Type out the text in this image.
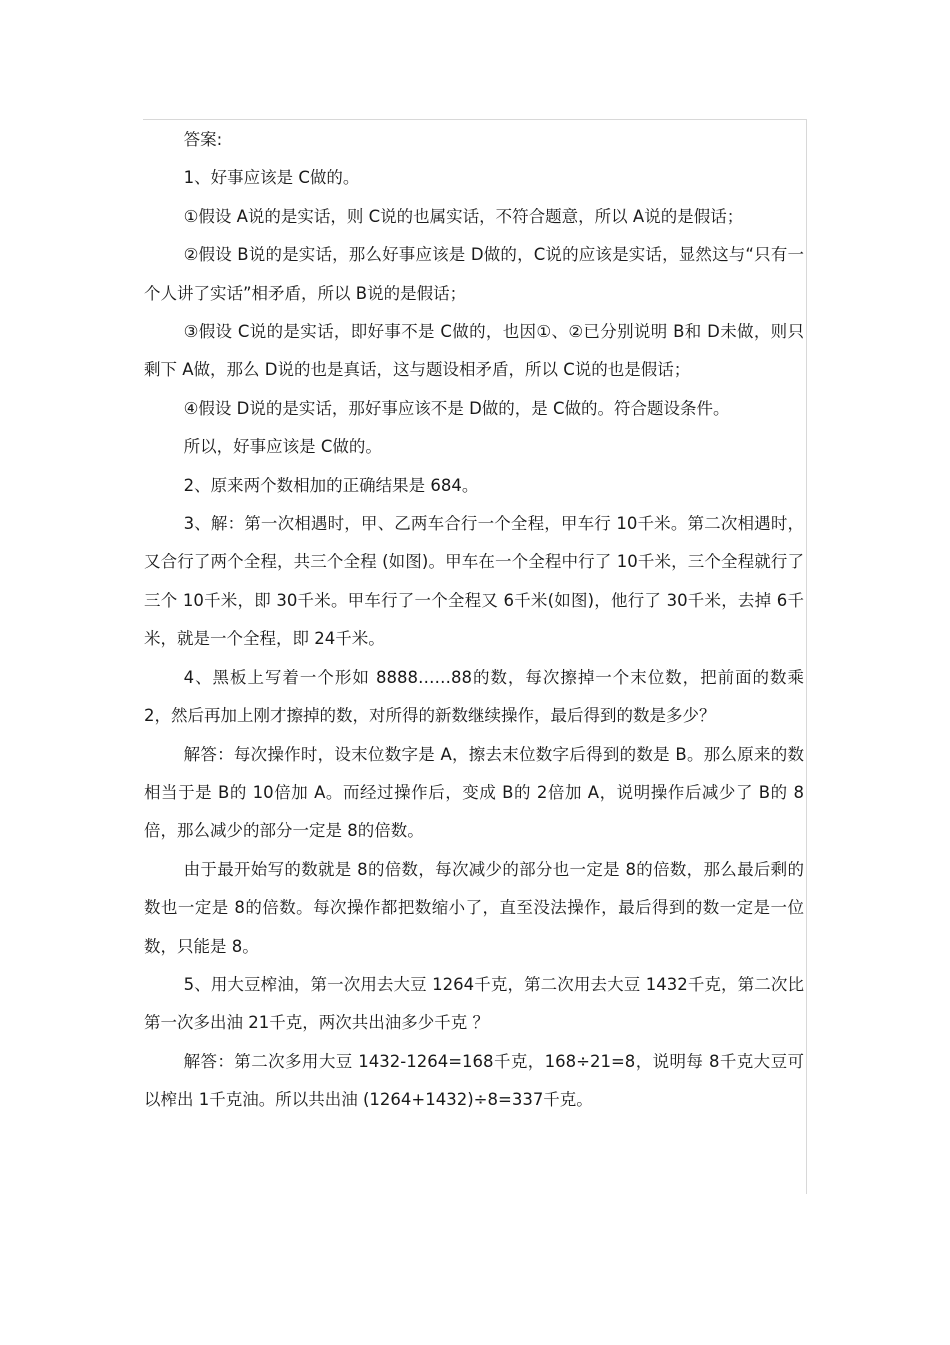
答案:

1、好事应该是 C做的。

①假设 A说的是实话，则 C说的也属实话，不符合题意，所以 A说的是假话；

②假设 B说的是实话，那么好事应该是 D做的，C说的应该是实话，显然这与“只有一个人讲了实话”相矛盾，所以 B说的是假话；

③假设 C说的是实话，即好事不是 C做的，也因①、②已分别说明 B和 D未做，则只剩下 A做，那么 D说的也是真话，这与题设相矛盾，所以 C说的也是假话；

④假设 D说的是实话，那好事应该不是 D做的，是 C做的。符合题设条件。

所以，好事应该是 C做的。

2、原来两个数相加的正确结果是 684。

3、解：第一次相遇时，甲、乙两车合行一个全程，甲车行 10千米。第二次相遇时，又合行了两个全程，共三个全程 (如图)。甲车在一个全程中行了 10千米，三个全程就行了三个 10千米，即 30千米。甲车行了一个全程又 6千米(如图)，他行了 30千米，去掉 6千米，就是一个全程，即 24千米。

4、黑板上写着一个形如 8888……88的数，每次擦掉一个末位数，把前面的数乘 2，然后再加上刚才擦掉的数，对所得的新数继续操作，最后得到的数是多少？

解答：每次操作时，设末位数字是 A，擦去末位数字后得到的数是 B。那么原来的数相当于是 B的 10倍加 A。而经过操作后，变成 B的 2倍加 A，说明操作后减少了 B的 8倍，那么减少的部分一定是 8的倍数。

由于最开始写的数就是 8的倍数，每次减少的部分也一定是 8的倍数，那么最后剩的数也一定是 8的倍数。每次操作都把数缩小了，直至没法操作，最后得到的数一定是一位数，只能是 8。

5、用大豆榨油，第一次用去大豆 1264千克，第二次用去大豆 1432千克，第二次比第一次多出油 21千克，两次共出油多少千克 ？

解答：第二次多用大豆 1432-1264=168千克，168÷21=8，说明每 8千克大豆可以榨出 1千克油。所以共出油 (1264+1432)÷8=337千克。
